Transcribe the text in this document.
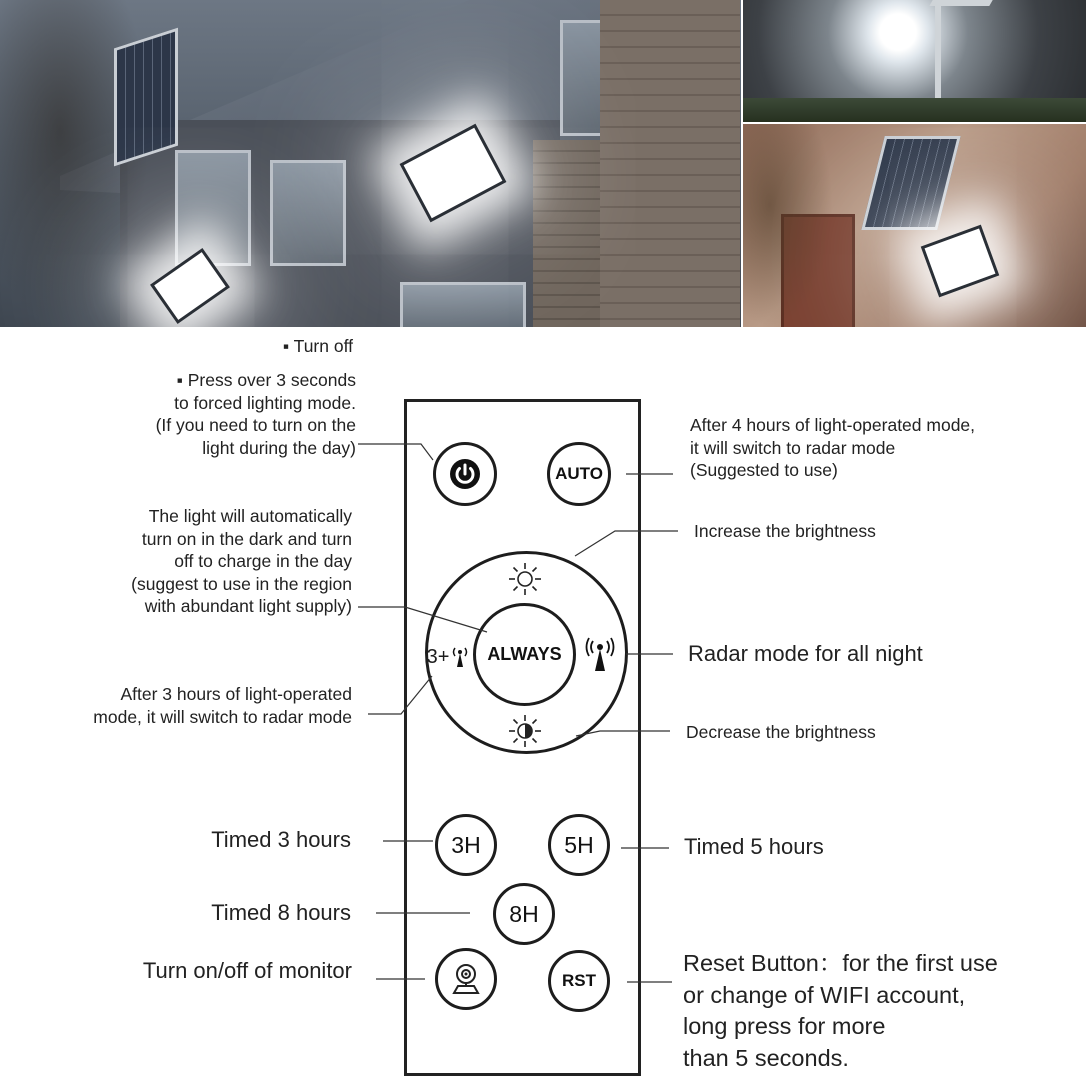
AUTO
3+ ALWAYS
3H	5H
8H
RST
▪ Turn off
▪ Press over 3 seconds
to forced lighting mode.
(If you need to turn on the
light during the day)
After 4 hours of light-operated mode,
it will switch to radar mode
(Suggested to use)
The light will automatically
turn on in the dark and turn
off to charge in the day
(suggest to use in the region
with abundant light supply)
Increase the brightness
Radar mode for all night
After 3 hours of light-operated
mode, it will switch to radar mode
Decrease the brightness
Timed 3 hours	Timed 5 hours
Timed 8 hours
Turn on/off of monitor	Reset Button：for the first use
or change of WIFI account,
long press for more
than 5 seconds.
